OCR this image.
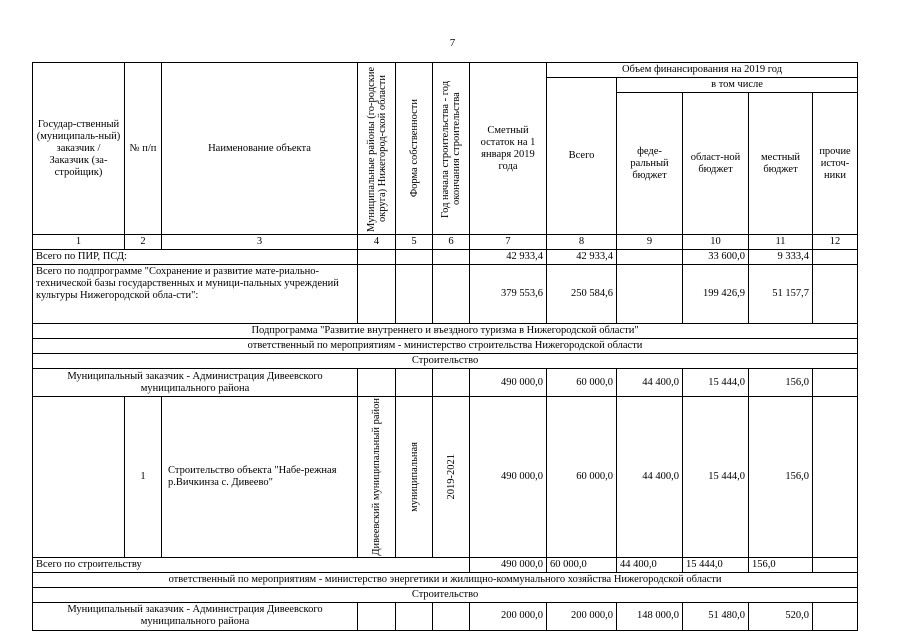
7
Государ-ственный (муниципаль-ный) заказчик / Заказчик (за-стройщик)	№ п/п	Наименование объекта	Муниципальные районы (го-родские округа) Нижегород-ской области	Форма собственности	Год начала строительства - год окончания строительства	Сметный остаток на 1 января 2019 года	Объем финансирования на 2019 год				
							Всего	в том числе			
								феде-ральный бюджет	област-ной бюджет	местный бюджет	прочие источ-ники
1	2	3	4	5	6	7	8	9	10	11	12
Всего по ПИР, ПСД:						42 933,4	42 933,4		33 600,0	9 333,4	
Всего по подпрограмме "Сохранение и развитие мате-риально-технической базы государственных и муници-пальных учреждений культуры Нижегородской обла-сти":						379 553,6	250 584,6		199 426,9	51 157,7	
Подпрограмма "Развитие внутреннего и въездного туризма в Нижегородской области"											
ответственный по мероприятиям - министерство строительства Нижегородской области											
Строительство											
Муниципальный заказчик - Администрация Дивеевского муниципального района						490 000,0	60 000,0	44 400,0	15 444,0	156,0	
	1	Строительство объекта "Набе-режная р.Вичкинза с. Дивеево"	Дивеевский муниципальный район	муниципальная	2019-2021	490 000,0	60 000,0	44 400,0	15 444,0	156,0	
Всего по строительству						490 000,0	60 000,0	44 400,0	15 444,0	156,0	
ответственный по мероприятиям - министерство энергетики и жилищно-коммунального хозяйства Нижегородской области											
Строительство											
Муниципальный заказчик - Администрация Дивеевского муниципального района						200 000,0	200 000,0	148 000,0	51 480,0	520,0	
